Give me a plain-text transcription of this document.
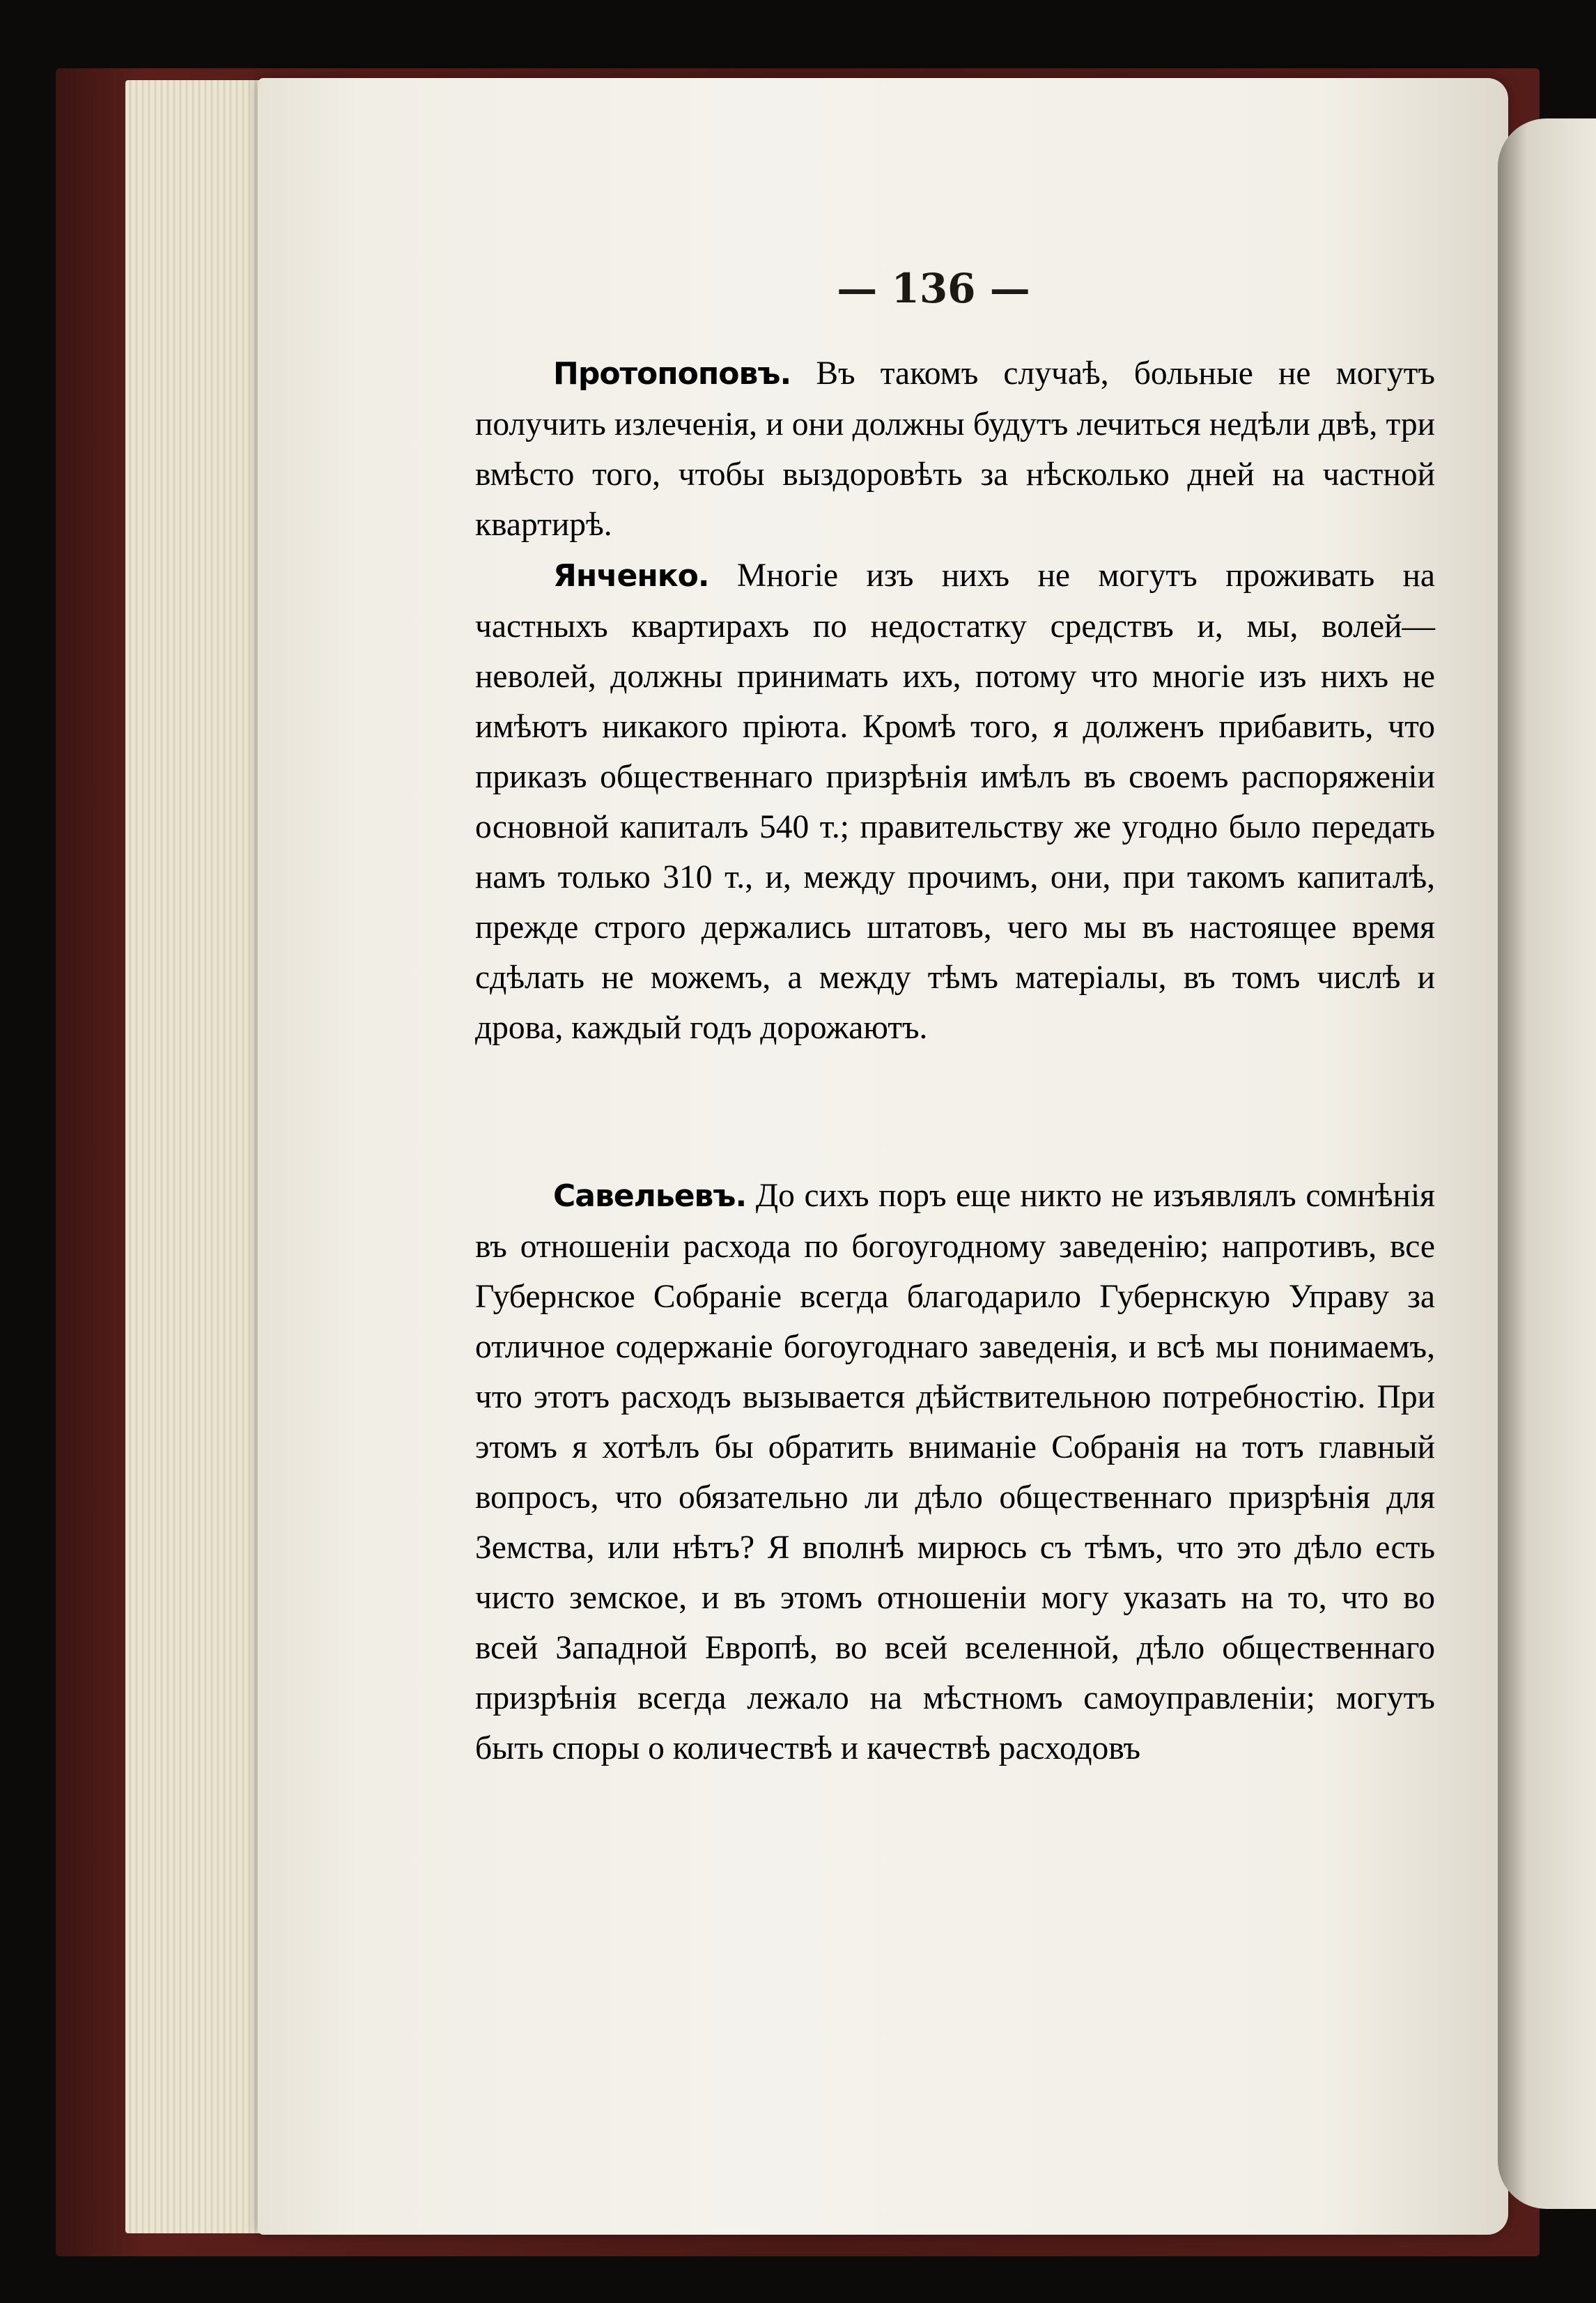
— 136 —

Протопоповъ. Въ такомъ случаѣ, больные не могутъ получить излеченія, и они должны будутъ лечиться недѣли двѣ, три вмѣсто того, чтобы выздоровѣть за нѣсколько дней на частной квартирѣ.

Янченко. Многіе изъ нихъ не могутъ проживать на частныхъ квартирахъ по недостатку средствъ и, мы, волей—неволей, должны принимать ихъ, потому что многіе изъ нихъ не имѣютъ никакого пріюта. Кромѣ того, я долженъ прибавить, что приказъ общественнаго призрѣнія имѣлъ въ своемъ распоряженіи основной капиталъ 540 т.; правительству же угодно было передать намъ только 310 т., и, между прочимъ, они, при такомъ капиталѣ, прежде строго держались штатовъ, чего мы въ настоящее время сдѣлать не можемъ, а между тѣмъ матеріалы, въ томъ числѣ и дрова, каждый годъ дорожаютъ.

Савельевъ. До сихъ поръ еще никто не изъявлялъ сомнѣнія въ отношеніи расхода по богоугодному заведенію; напротивъ, все Губернское Собраніе всегда благодарило Губернскую Управу за отличное содержаніе богоугоднаго заведенія, и всѣ мы понимаемъ, что этотъ расходъ вызывается дѣйствительною потребностію. При этомъ я хотѣлъ бы обратить вниманіе Собранія на тотъ главный вопросъ, что обязательно ли дѣло общественнаго призрѣнія для Земства, или нѣтъ? Я вполнѣ мирюсь съ тѣмъ, что это дѣло есть чисто земское, и въ этомъ отношеніи могу указать на то, что во всей Западной Европѣ, во всей вселенной, дѣло общественнаго призрѣнія всегда лежало на мѣстномъ самоуправленіи; могутъ быть споры о количествѣ и качествѣ расходовъ
